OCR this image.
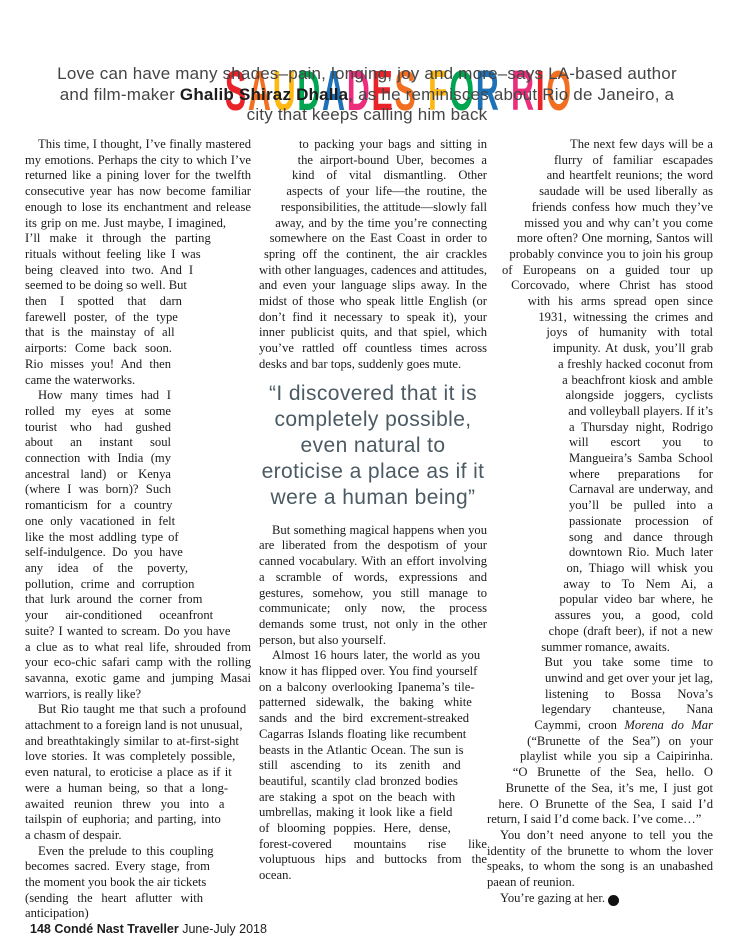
SAUDADES FOR RIO

Love can have many shades–pain, longing, joy and more–says LA-based author and film-maker Ghalib Shiraz Dhalla, as he reminisces about Rio de Janeiro, a city that keeps calling him back

This time, I thought, I’ve finally mastered my emotions. Perhaps the city to which I’ve returned like a pining lover for the twelfth consecutive year has now become familiar enough to lose its enchantment and release its grip on me. Just maybe, I imagined, I’ll make it through the parting rituals without feeling like I was being cleaved into two. And I seemed to be doing so well. But then I spotted that darn farewell poster, of the type that is the mainstay of all airports: Come back soon. Rio misses you! And then came the waterworks.

How many times had I rolled my eyes at some tourist who had gushed about an instant soul connection with India (my ancestral land) or Kenya (where I was born)? Such romanticism for a country one only vacationed in felt like the most addling type of self-indulgence. Do you have any idea of the poverty, pollution, crime and corruption that lurk around the corner from your air-conditioned oceanfront suite? I wanted to scream. Do you have a clue as to what real life, shrouded from your eco-chic safari camp with the rolling savanna, exotic game and jumping Masai warriors, is really like?

But Rio taught me that such a profound attachment to a foreign land is not unusual, and breathtakingly similar to at-first-sight love stories. It was completely possible, even natural, to eroticise a place as if it were a human being, so that a long-awaited reunion threw you into a tailspin of euphoria; and parting, into a chasm of despair.

Even the prelude to this coupling becomes sacred. Every stage, from the moment you book the air tickets (sending the heart aflutter with anticipation)

to packing your bags and sitting in the airport-bound Uber, becomes a kind of vital dismantling. Other aspects of your life—the routine, the responsibilities, the attitude—slowly fall away, and by the time you’re connecting somewhere on the East Coast in order to spring off the continent, the air crackles with other languages, cadences and attitudes, and even your language slips away. In the midst of those who speak little English (or don’t find it necessary to speak it), your inner publicist quits, and that spiel, which you’ve rattled off countless times across desks and bar tops, suddenly goes mute.

“I discovered that it is completely possible, even natural to eroticise a place as if it were a human being”

But something magical happens when you are liberated from the despotism of your canned vocabulary. With an effort involving a scramble of words, expressions and gestures, somehow, you still manage to communicate; only now, the process demands some trust, not only in the other person, but also yourself.

Almost 16 hours later, the world as you know it has flipped over. You find yourself on a balcony overlooking Ipanema’s tile-patterned sidewalk, the baking white sands and the bird excrement-streaked Cagarras Islands floating like recumbent beasts in the Atlantic Ocean. The sun is still ascending to its zenith and beautiful, scantily clad bronzed bodies are staking a spot on the beach with umbrellas, making it look like a field of blooming poppies. Here, dense, forest-covered mountains rise like voluptuous hips and buttocks from the ocean.

The next few days will be a flurry of familiar escapades and heartfelt reunions; the word saudade will be used liberally as friends confess how much they’ve missed you and why can’t you come more often? One morning, Santos will probably convince you to join his group of Europeans on a guided tour up Corcovado, where Christ has stood with his arms spread open since 1931, witnessing the crimes and joys of humanity with total impunity. At dusk, you’ll grab a freshly hacked coconut from a beachfront kiosk and amble alongside joggers, cyclists and volleyball players. If it’s a Thursday night, Rodrigo will escort you to Mangueira’s Samba School where preparations for Carnaval are underway, and you’ll be pulled into a passionate procession of song and dance through downtown Rio. Much later on, Thiago will whisk you away to To Nem Ai, a popular video bar where, he assures you, a good, cold chope (draft beer), if not a new summer romance, awaits.

But you take some time to unwind and get over your jet lag, listening to Bossa Nova’s legendary chanteuse, Nana Caymmi, croon Morena do Mar (“Brunette of the Sea”) on your playlist while you sip a Caipirinha. “O Brunette of the Sea, hello. O Brunette of the Sea, it’s me, I just got here. O Brunette of the Sea, I said I’d return, I said I’d come back. I’ve come…”

You don’t need anyone to tell you the identity of the brunette to whom the lover speaks, to whom the song is an unabashed paean of reunion.

You’re gazing at her. T

148 Condé Nast Traveller June-July 2018
